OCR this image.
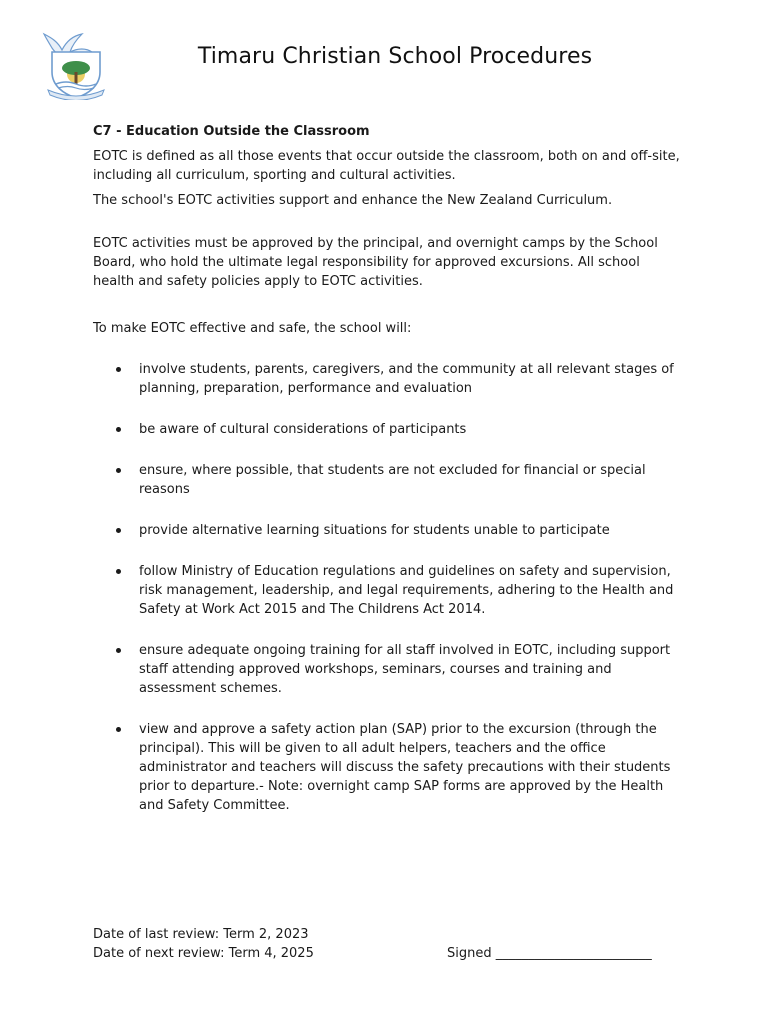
Timaru Christian School Procedures
C7 - Education Outside the Classroom

EOTC is defined as all those events that occur outside the classroom, both on and off-site, including all curriculum, sporting and cultural activities.

The school's EOTC activities support and enhance the New Zealand Curriculum.

EOTC activities must be approved by the principal, and overnight camps by the School Board, who hold the ultimate legal responsibility for approved excursions. All school health and safety policies apply to EOTC activities.

To make EOTC effective and safe, the school will:

involve students, parents, caregivers, and the community at all relevant stages of planning, preparation, performance and evaluation
be aware of cultural considerations of participants
ensure, where possible, that students are not excluded for financial or special reasons
provide alternative learning situations for students unable to participate
follow Ministry of Education regulations and guidelines on safety and supervision, risk management, leadership, and legal requirements, adhering to the Health and Safety at Work Act 2015 and The Childrens Act 2014.
ensure adequate ongoing training for all staff involved in EOTC, including support staff attending approved workshops, seminars, courses and training and assessment schemes.
view and approve a safety action plan (SAP) prior to the excursion (through the principal). This will be given to all adult helpers, teachers and the office administrator and teachers will discuss the safety precautions with their students prior to departure.- Note: overnight camp SAP forms are approved by the Health and Safety Committee.
Date of last review: Term 2, 2023
Date of next review: Term 4, 2025	Signed ________________________
